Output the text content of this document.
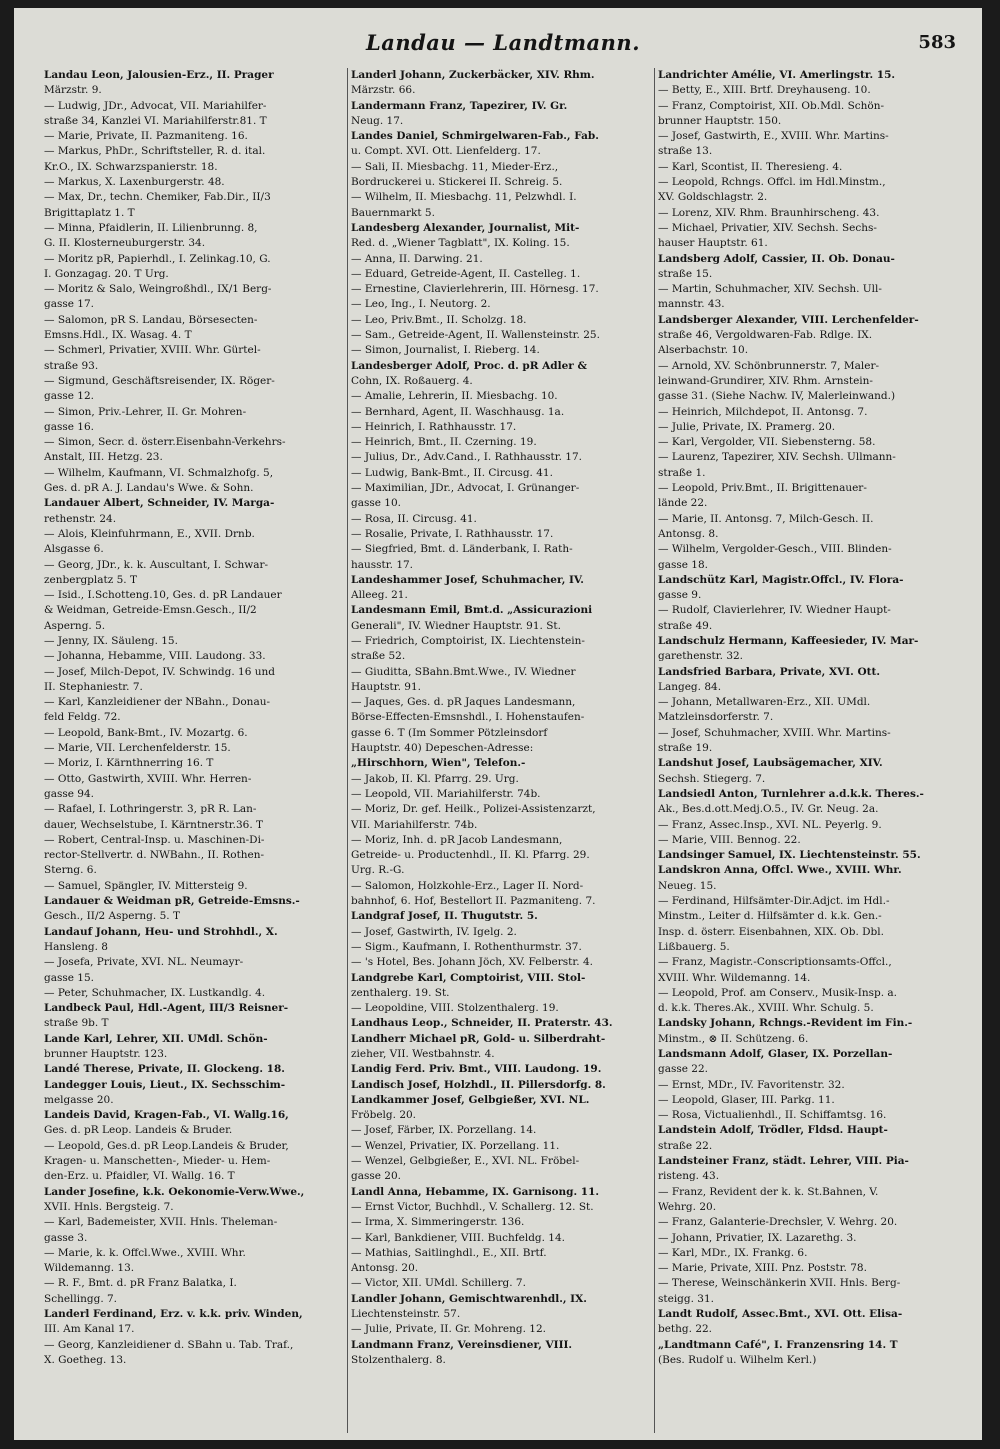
Landau — Landtmann.	583
Landau Leon, Jalousien-Erz., II. Prager
Märzstr. 9.
— Ludwig, JDr., Advocat, VII. Mariahilfer-
straße 34, Kanzlei VI. Mariahilferstr.81. T
— Marie, Private, II. Pazmaniteng. 16.
— Markus, PhDr., Schriftsteller, R. d. ital.
Kr.O., IX. Schwarzspanierstr. 18.
— Markus, X. Laxenburgerstr. 48.
— Max, Dr., techn. Chemiker, Fab.Dir., II/3
Brigittaplatz 1. T
— Minna, Pfaidlerin, II. Lilienbrunng. 8,
G. II. Klosterneuburgerstr. 34.
— Moritz pR, Papierhdl., I. Zelinkag.10, G.
I. Gonzagag. 20. T Urg.
— Moritz & Salo, Weingroßhdl., IX/1 Berg-
gasse 17.
— Salomon, pR S. Landau, Börsesecten-
Emsns.Hdl., IX. Wasag. 4. T
— Schmerl, Privatier, XVIII. Whr. Gürtel-
straße 93.
— Sigmund, Geschäftsreisender, IX. Röger-
gasse 12.
— Simon, Priv.-Lehrer, II. Gr. Mohren-
gasse 16.
— Simon, Secr. d. österr.Eisenbahn-Verkehrs-
Anstalt, III. Hetzg. 23.
— Wilhelm, Kaufmann, VI. Schmalzhofg. 5,
Ges. d. pR A. J. Landau's Wwe. & Sohn.
Landauer Albert, Schneider, IV. Marga-
rethenstr. 24.
— Alois, Kleinfuhrmann, E., XVII. Drnb.
Alsgasse 6.
— Georg, JDr., k. k. Auscultant, I. Schwar-
zenbergplatz 5. T
— Isid., I.Schotteng.10, Ges. d. pR Landauer
& Weidman, Getreide-Emsn.Gesch., II/2
Asperng. 5.
— Jenny, IX. Säuleng. 15.
— Johanna, Hebamme, VIII. Laudong. 33.
— Josef, Milch-Depot, IV. Schwindg. 16 und
II. Stephaniestr. 7.
— Karl, Kanzleidiener der NBahn., Donau-
feld Feldg. 72.
— Leopold, Bank-Bmt., IV. Mozartg. 6.
— Marie, VII. Lerchenfelderstr. 15.
— Moriz, I. Kärnthnerring 16. T
— Otto, Gastwirth, XVIII. Whr. Herren-
gasse 94.
— Rafael, I. Lothringerstr. 3, pR R. Lan-
dauer, Wechselstube, I. Kärntnerstr.36. T
— Robert, Central-Insp. u. Maschinen-Di-
rector-Stellvertr. d. NWBahn., II. Rothen-
Sterng. 6.
— Samuel, Spängler, IV. Mittersteig 9.
Landauer & Weidman pR, Getreide-Emsns.-
Gesch., II/2 Asperng. 5. T
Landauf Johann, Heu- und Strohhdl., X.
Hansleng. 8
— Josefa, Private, XVI. NL. Neumayr-
gasse 15.
— Peter, Schuhmacher, IX. Lustkandlg. 4.
Landbeck Paul, Hdl.-Agent, III/3 Reisner-
straße 9b. T
Lande Karl, Lehrer, XII. UMdl. Schön-
brunner Hauptstr. 123.
Landé Therese, Private, II. Glockeng. 18.
Landegger Louis, Lieut., IX. Sechsschim-
melgasse 20.
Landeis David, Kragen-Fab., VI. Wallg.16,
Ges. d. pR Leop. Landeis & Bruder.
— Leopold, Ges.d. pR Leop.Landeis & Bruder,
Kragen- u. Manschetten-, Mieder- u. Hem-
den-Erz. u. Pfaidler, VI. Wallg. 16. T
Lander Josefine, k.k. Oekonomie-Verw.Wwe.,
XVII. Hnls. Bergsteig. 7.
— Karl, Bademeister, XVII. Hnls. Theleman-
gasse 3.
— Marie, k. k. Offcl.Wwe., XVIII. Whr.
Wildemanng. 13.
— R. F., Bmt. d. pR Franz Balatka, I.
Schellingg. 7.
Landerl Ferdinand, Erz. v. k.k. priv. Winden,
III. Am Kanal 17.
— Georg, Kanzleidiener d. SBahn u. Tab. Traf.,
X. Goetheg. 13.
Landerl Johann, Zuckerbäcker, XIV. Rhm.
Märzstr. 66.
Landermann Franz, Tapezirer, IV. Gr.
Neug. 17.
Landes Daniel, Schmirgelwaren-Fab., Fab.
u. Compt. XVI. Ott. Lienfelderg. 17.
— Sali, II. Miesbachg. 11, Mieder-Erz.,
Bordruckerei u. Stickerei II. Schreig. 5.
— Wilhelm, II. Miesbachg. 11, Pelzwhdl. I.
Bauernmarkt 5.
Landesberg Alexander, Journalist, Mit-
Red. d. „Wiener Tagblatt", IX. Koling. 15.
— Anna, II. Darwing. 21.
— Eduard, Getreide-Agent, II. Castelleg. 1.
— Ernestine, Clavierlehrerin, III. Hörnesg. 17.
— Leo, Ing., I. Neutorg. 2.
— Leo, Priv.Bmt., II. Scholzg. 18.
— Sam., Getreide-Agent, II. Wallensteinstr. 25.
— Simon, Journalist, I. Rieberg. 14.
Landesberger Adolf, Proc. d. pR Adler &
Cohn, IX. Roßauerg. 4.
— Amalie, Lehrerin, II. Miesbachg. 10.
— Bernhard, Agent, II. Waschhausg. 1a.
— Heinrich, I. Rathhausstr. 17.
— Heinrich, Bmt., II. Czerning. 19.
— Julius, Dr., Adv.Cand., I. Rathhausstr. 17.
— Ludwig, Bank-Bmt., II. Circusg. 41.
— Maximilian, JDr., Advocat, I. Grünanger-
gasse 10.
— Rosa, II. Circusg. 41.
— Rosalie, Private, I. Rathhausstr. 17.
— Siegfried, Bmt. d. Länderbank, I. Rath-
hausstr. 17.
Landeshammer Josef, Schuhmacher, IV.
Alleeg. 21.
Landesmann Emil, Bmt.d. „Assicurazioni
Generali", IV. Wiedner Hauptstr. 91. St.
— Friedrich, Comptoirist, IX. Liechtenstein-
straße 52.
— Giuditta, SBahn.Bmt.Wwe., IV. Wiedner
Hauptstr. 91.
— Jaques, Ges. d. pR Jaques Landesmann,
Börse-Effecten-Emsnshdl., I. Hohenstaufen-
gasse 6. T (Im Sommer Pötzleinsdorf
Hauptstr. 40) Depeschen-Adresse:
„Hirschhorn, Wien", Telefon.-
— Jakob, II. Kl. Pfarrg. 29. Urg.
— Leopold, VII. Mariahilferstr. 74b.
— Moriz, Dr. gef. Heilk., Polizei-Assistenzarzt,
VII. Mariahilferstr. 74b.
— Moriz, Inh. d. pR Jacob Landesmann,
Getreide- u. Productenhdl., II. Kl. Pfarrg. 29.
Urg. R.-G.
— Salomon, Holzkohle-Erz., Lager II. Nord-
bahnhof, 6. Hof, Bestellort II. Pazmaniteng. 7.
Landgraf Josef, II. Thugutstr. 5.
— Josef, Gastwirth, IV. Igelg. 2.
— Sigm., Kaufmann, I. Rothenthurmstr. 37.
— 's Hotel, Bes. Johann Jöch, XV. Felberstr. 4.
Landgrebe Karl, Comptoirist, VIII. Stol-
zenthalerg. 19. St.
— Leopoldine, VIII. Stolzenthalerg. 19.
Landhaus Leop., Schneider, II. Praterstr. 43.
Landherr Michael pR, Gold- u. Silberdraht-
zieher, VII. Westbahnstr. 4.
Landig Ferd. Priv. Bmt., VIII. Laudong. 19.
Landisch Josef, Holzhdl., II. Pillersdorfg. 8.
Landkammer Josef, Gelbgießer, XVI. NL.
Fröbelg. 20.
— Josef, Färber, IX. Porzellang. 14.
— Wenzel, Privatier, IX. Porzellang. 11.
— Wenzel, Gelbgießer, E., XVI. NL. Fröbel-
gasse 20.
Landl Anna, Hebamme, IX. Garnisong. 11.
— Ernst Victor, Buchhdl., V. Schallerg. 12. St.
— Irma, X. Simmeringerstr. 136.
— Karl, Bankdiener, VIII. Buchfeldg. 14.
— Mathias, Saitlinghdl., E., XII. Brtf.
Antonsg. 20.
— Victor, XII. UMdl. Schillerg. 7.
Landler Johann, Gemischtwarenhdl., IX.
Liechtensteinstr. 57.
— Julie, Private, II. Gr. Mohreng. 12.
Landmann Franz, Vereinsdiener, VIII.
Stolzenthalerg. 8.
Landrichter Amélie, VI. Amerlingstr. 15.
— Betty, E., XIII. Brtf. Dreyhauseng. 10.
— Franz, Comptoirist, XII. Ob.Mdl. Schön-
brunner Hauptstr. 150.
— Josef, Gastwirth, E., XVIII. Whr. Martins-
straße 13.
— Karl, Scontist, II. Theresieng. 4.
— Leopold, Rchngs. Offcl. im Hdl.Minstm.,
XV. Goldschlagstr. 2.
— Lorenz, XIV. Rhm. Braunhirscheng. 43.
— Michael, Privatier, XIV. Sechsh. Sechs-
hauser Hauptstr. 61.
Landsberg Adolf, Cassier, II. Ob. Donau-
straße 15.
— Martin, Schuhmacher, XIV. Sechsh. Ull-
mannstr. 43.
Landsberger Alexander, VIII. Lerchenfelder-
straße 46, Vergoldwaren-Fab. Rdlge. IX.
Alserbachstr. 10.
— Arnold, XV. Schönbrunnerstr. 7, Maler-
leinwand-Grundirer, XIV. Rhm. Arnstein-
gasse 31. (Siehe Nachw. IV, Malerleinwand.)
— Heinrich, Milchdepot, II. Antonsg. 7.
— Julie, Private, IX. Pramerg. 20.
— Karl, Vergolder, VII. Siebensterng. 58.
— Laurenz, Tapezirer, XIV. Sechsh. Ullmann-
straße 1.
— Leopold, Priv.Bmt., II. Brigittenauer-
lände 22.
— Marie, II. Antonsg. 7, Milch-Gesch. II.
Antonsg. 8.
— Wilhelm, Vergolder-Gesch., VIII. Blinden-
gasse 18.
Landschütz Karl, Magistr.Offcl., IV. Flora-
gasse 9.
— Rudolf, Clavierlehrer, IV. Wiedner Haupt-
straße 49.
Landschulz Hermann, Kaffeesieder, IV. Mar-
garethenstr. 32.
Landsfried Barbara, Private, XVI. Ott.
Langeg. 84.
— Johann, Metallwaren-Erz., XII. UMdl.
Matzleinsdorferstr. 7.
— Josef, Schuhmacher, XVIII. Whr. Martins-
straße 19.
Landshut Josef, Laubsägemacher, XIV.
Sechsh. Stiegerg. 7.
Landsiedl Anton, Turnlehrer a.d.k.k. Theres.-
Ak., Bes.d.ott.Medj.O.5., IV. Gr. Neug. 2a.
— Franz, Assec.Insp., XVI. NL. Peyerlg. 9.
— Marie, VIII. Bennog. 22.
Landsinger Samuel, IX. Liechtensteinstr. 55.
Landskron Anna, Offcl. Wwe., XVIII. Whr.
Neueg. 15.
— Ferdinand, Hilfsämter-Dir.Adjct. im Hdl.-
Minstm., Leiter d. Hilfsämter d. k.k. Gen.-
Insp. d. österr. Eisenbahnen, XIX. Ob. Dbl.
Lißbauerg. 5.
— Franz, Magistr.-Conscriptionsamts-Offcl.,
XVIII. Whr. Wildemanng. 14.
— Leopold, Prof. am Conserv., Musik-Insp. a.
d. k.k. Theres.Ak., XVIII. Whr. Schulg. 5.
Landsky Johann, Rchngs.-Revident im Fin.-
Minstm., ⊗ II. Schützeng. 6.
Landsmann Adolf, Glaser, IX. Porzellan-
gasse 22.
— Ernst, MDr., IV. Favoritenstr. 32.
— Leopold, Glaser, III. Parkg. 11.
— Rosa, Victualienhdl., II. Schiffamtsg. 16.
Landstein Adolf, Trödler, Fldsd. Haupt-
straße 22.
Landsteiner Franz, städt. Lehrer, VIII. Pia-
risteng. 43.
— Franz, Revident der k. k. St.Bahnen, V.
Wehrg. 20.
— Franz, Galanterie-Drechsler, V. Wehrg. 20.
— Johann, Privatier, IX. Lazarethg. 3.
— Karl, MDr., IX. Frankg. 6.
— Marie, Private, XIII. Pnz. Poststr. 78.
— Therese, Weinschänkerin XVII. Hnls. Berg-
steigg. 31.
Landt Rudolf, Assec.Bmt., XVI. Ott. Elisa-
bethg. 22.
„Landtmann Café", I. Franzensring 14. T
(Bes. Rudolf u. Wilhelm Kerl.)
